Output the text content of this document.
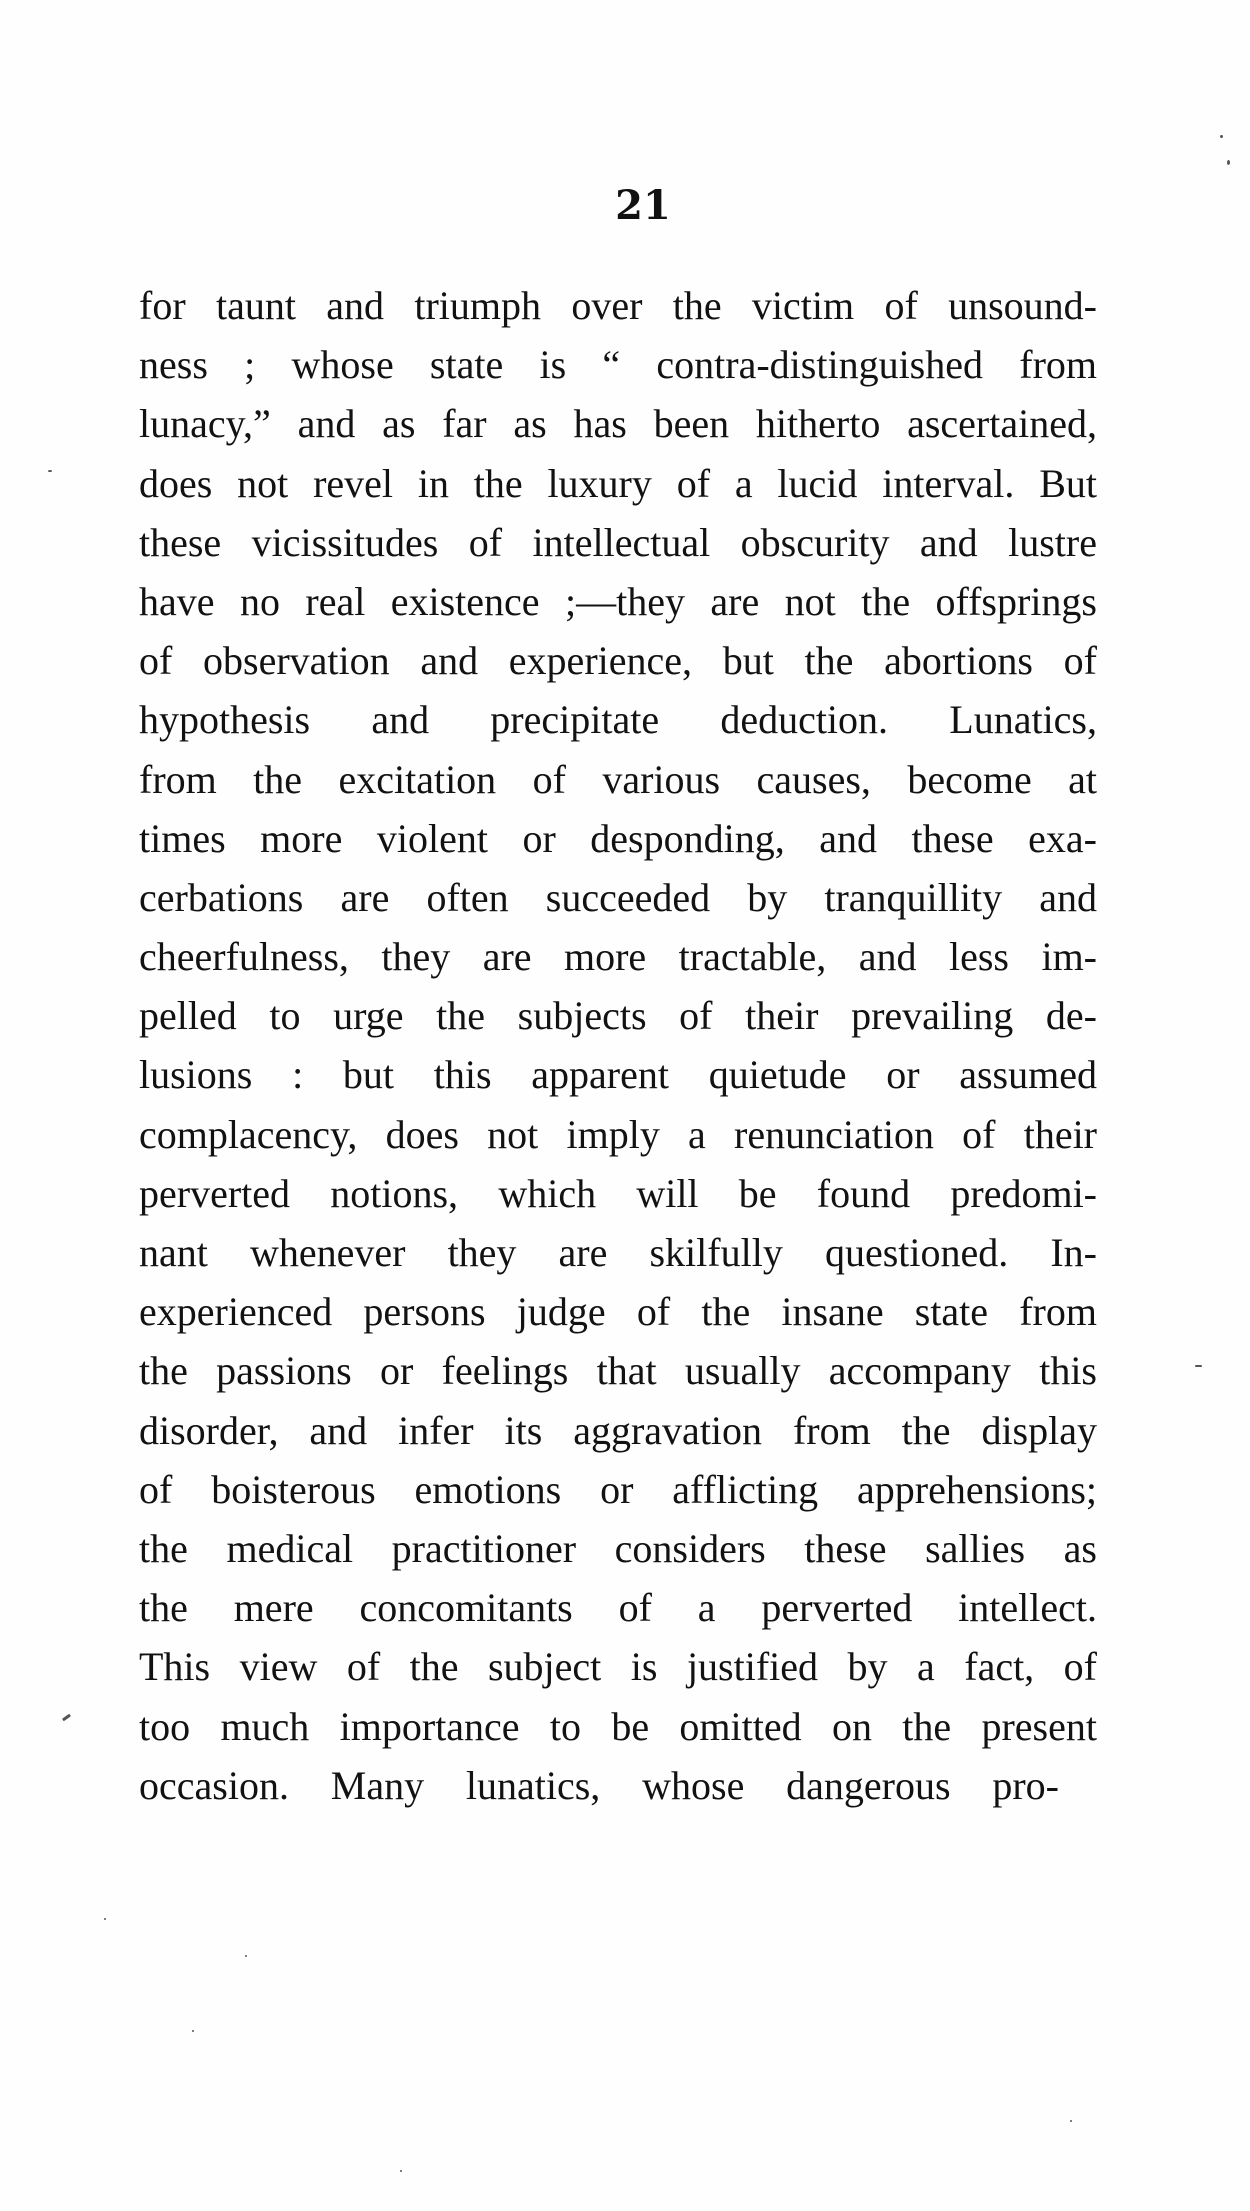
21
for taunt and triumph over the victim of unsound-
ness ; whose state is “ contra-distinguished from
lunacy,” and as far as has been hitherto ascertained,
does not revel in the luxury of a lucid interval. But
these vicissitudes of intellectual obscurity and lustre
have no real existence ;—they are not the offsprings
of observation and experience, but the abortions of
hypothesis and precipitate deduction. Lunatics,
from the excitation of various causes, become at
times more violent or desponding, and these exa-
cerbations are often succeeded by tranquillity and
cheerfulness, they are more tractable, and less im-
pelled to urge the subjects of their prevailing de-
lusions : but this apparent quietude or assumed
complacency, does not imply a renunciation of their
perverted notions, which will be found predomi-
nant whenever they are skilfully questioned. In-
experienced persons judge of the insane state from
the passions or feelings that usually accompany this
disorder, and infer its aggravation from the display
of boisterous emotions or afflicting apprehensions;
the medical practitioner considers these sallies as
the mere concomitants of a perverted intellect.
This view of the subject is justified by a fact, of
too much importance to be omitted on the present
occasion. Many lunatics, whose dangerous pro-
